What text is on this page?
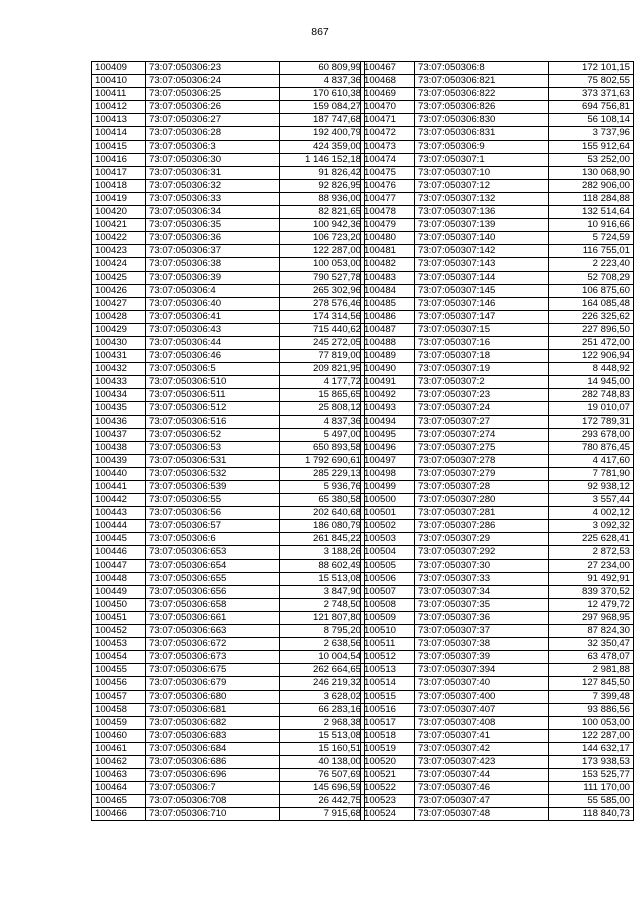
867
100409	73:07:050306:23	60 809,99
100410	73:07:050306:24	4 837,36
100411	73:07:050306:25	170 610,38
100412	73:07:050306:26	159 084,27
100413	73:07:050306:27	187 747,68
100414	73:07:050306:28	192 400,79
100415	73:07:050306:3	424 359,00
100416	73:07:050306:30	1 146 152,18
100417	73:07:050306:31	91 826,42
100418	73:07:050306:32	92 826,95
100419	73:07:050306:33	88 936,00
100420	73:07:050306:34	82 821,65
100421	73:07:050306:35	100 942,36
100422	73:07:050306:36	106 723,20
100423	73:07:050306:37	122 287,00
100424	73:07:050306:38	100 053,00
100425	73:07:050306:39	790 527,78
100426	73:07:050306:4	265 302,96
100427	73:07:050306:40	278 576,46
100428	73:07:050306:41	174 314,56
100429	73:07:050306:43	715 440,62
100430	73:07:050306:44	245 272,05
100431	73:07:050306:46	77 819,00
100432	73:07:050306:5	209 821,95
100433	73:07:050306:510	4 177,72
100434	73:07:050306:511	15 865,65
100435	73:07:050306:512	25 808,12
100436	73:07:050306:516	4 837,36
100437	73:07:050306:52	5 497,00
100438	73:07:050306:53	650 893,58
100439	73:07:050306:531	1 792 690,61
100440	73:07:050306:532	285 229,13
100441	73:07:050306:539	5 936,76
100442	73:07:050306:55	65 380,58
100443	73:07:050306:56	202 640,68
100444	73:07:050306:57	186 080,79
100445	73:07:050306:6	261 845,22
100446	73:07:050306:653	3 188,26
100447	73:07:050306:654	88 602,49
100448	73:07:050306:655	15 513,08
100449	73:07:050306:656	3 847,90
100450	73:07:050306:658	2 748,50
100451	73:07:050306:661	121 807,80
100452	73:07:050306:663	8 795,20
100453	73:07:050306:672	2 638,56
100454	73:07:050306:673	10 004,54
100455	73:07:050306:675	262 664,65
100456	73:07:050306:679	246 219,32
100457	73:07:050306:680	3 628,02
100458	73:07:050306:681	66 283,16
100459	73:07:050306:682	2 968,38
100460	73:07:050306:683	15 513,08
100461	73:07:050306:684	15 160,51
100462	73:07:050306:686	40 138,00
100463	73:07:050306:696	76 507,69
100464	73:07:050306:7	145 696,59
100465	73:07:050306:708	26 442,75
100466	73:07:050306:710	7 915,68
100467	73:07:050306:8	172 101,15
100468	73:07:050306:821	75 802,55
100469	73:07:050306:822	373 371,63
100470	73:07:050306:826	694 756,81
100471	73:07:050306:830	56 108,14
100472	73:07:050306:831	3 737,96
100473	73:07:050306:9	155 912,64
100474	73:07:050307:1	53 252,00
100475	73:07:050307:10	130 068,90
100476	73:07:050307:12	282 906,00
100477	73:07:050307:132	118 284,88
100478	73:07:050307:136	132 514,64
100479	73:07:050307:139	10 916,66
100480	73:07:050307:140	5 724,59
100481	73:07:050307:142	116 755,01
100482	73:07:050307:143	2 223,40
100483	73:07:050307:144	52 708,29
100484	73:07:050307:145	106 875,60
100485	73:07:050307:146	164 085,48
100486	73:07:050307:147	226 325,62
100487	73:07:050307:15	227 896,50
100488	73:07:050307:16	251 472,00
100489	73:07:050307:18	122 906,94
100490	73:07:050307:19	8 448,92
100491	73:07:050307:2	14 945,00
100492	73:07:050307:23	282 748,83
100493	73:07:050307:24	19 010,07
100494	73:07:050307:27	172 789,31
100495	73:07:050307:274	293 678,00
100496	73:07:050307:275	780 876,45
100497	73:07:050307:278	4 417,60
100498	73:07:050307:279	7 781,90
100499	73:07:050307:28	92 938,12
100500	73:07:050307:280	3 557,44
100501	73:07:050307:281	4 002,12
100502	73:07:050307:286	3 092,32
100503	73:07:050307:29	225 628,41
100504	73:07:050307:292	2 872,53
100505	73:07:050307:30	27 234,00
100506	73:07:050307:33	91 492,91
100507	73:07:050307:34	839 370,52
100508	73:07:050307:35	12 479,72
100509	73:07:050307:36	297 968,95
100510	73:07:050307:37	87 824,30
100511	73:07:050307:38	32 350,47
100512	73:07:050307:39	63 478,07
100513	73:07:050307:394	2 981,88
100514	73:07:050307:40	127 845,50
100515	73:07:050307:400	7 399,48
100516	73:07:050307:407	93 886,56
100517	73:07:050307:408	100 053,00
100518	73:07:050307:41	122 287,00
100519	73:07:050307:42	144 632,17
100520	73:07:050307:423	173 938,53
100521	73:07:050307:44	153 525,77
100522	73:07:050307:46	111 170,00
100523	73:07:050307:47	55 585,00
100524	73:07:050307:48	118 840,73
